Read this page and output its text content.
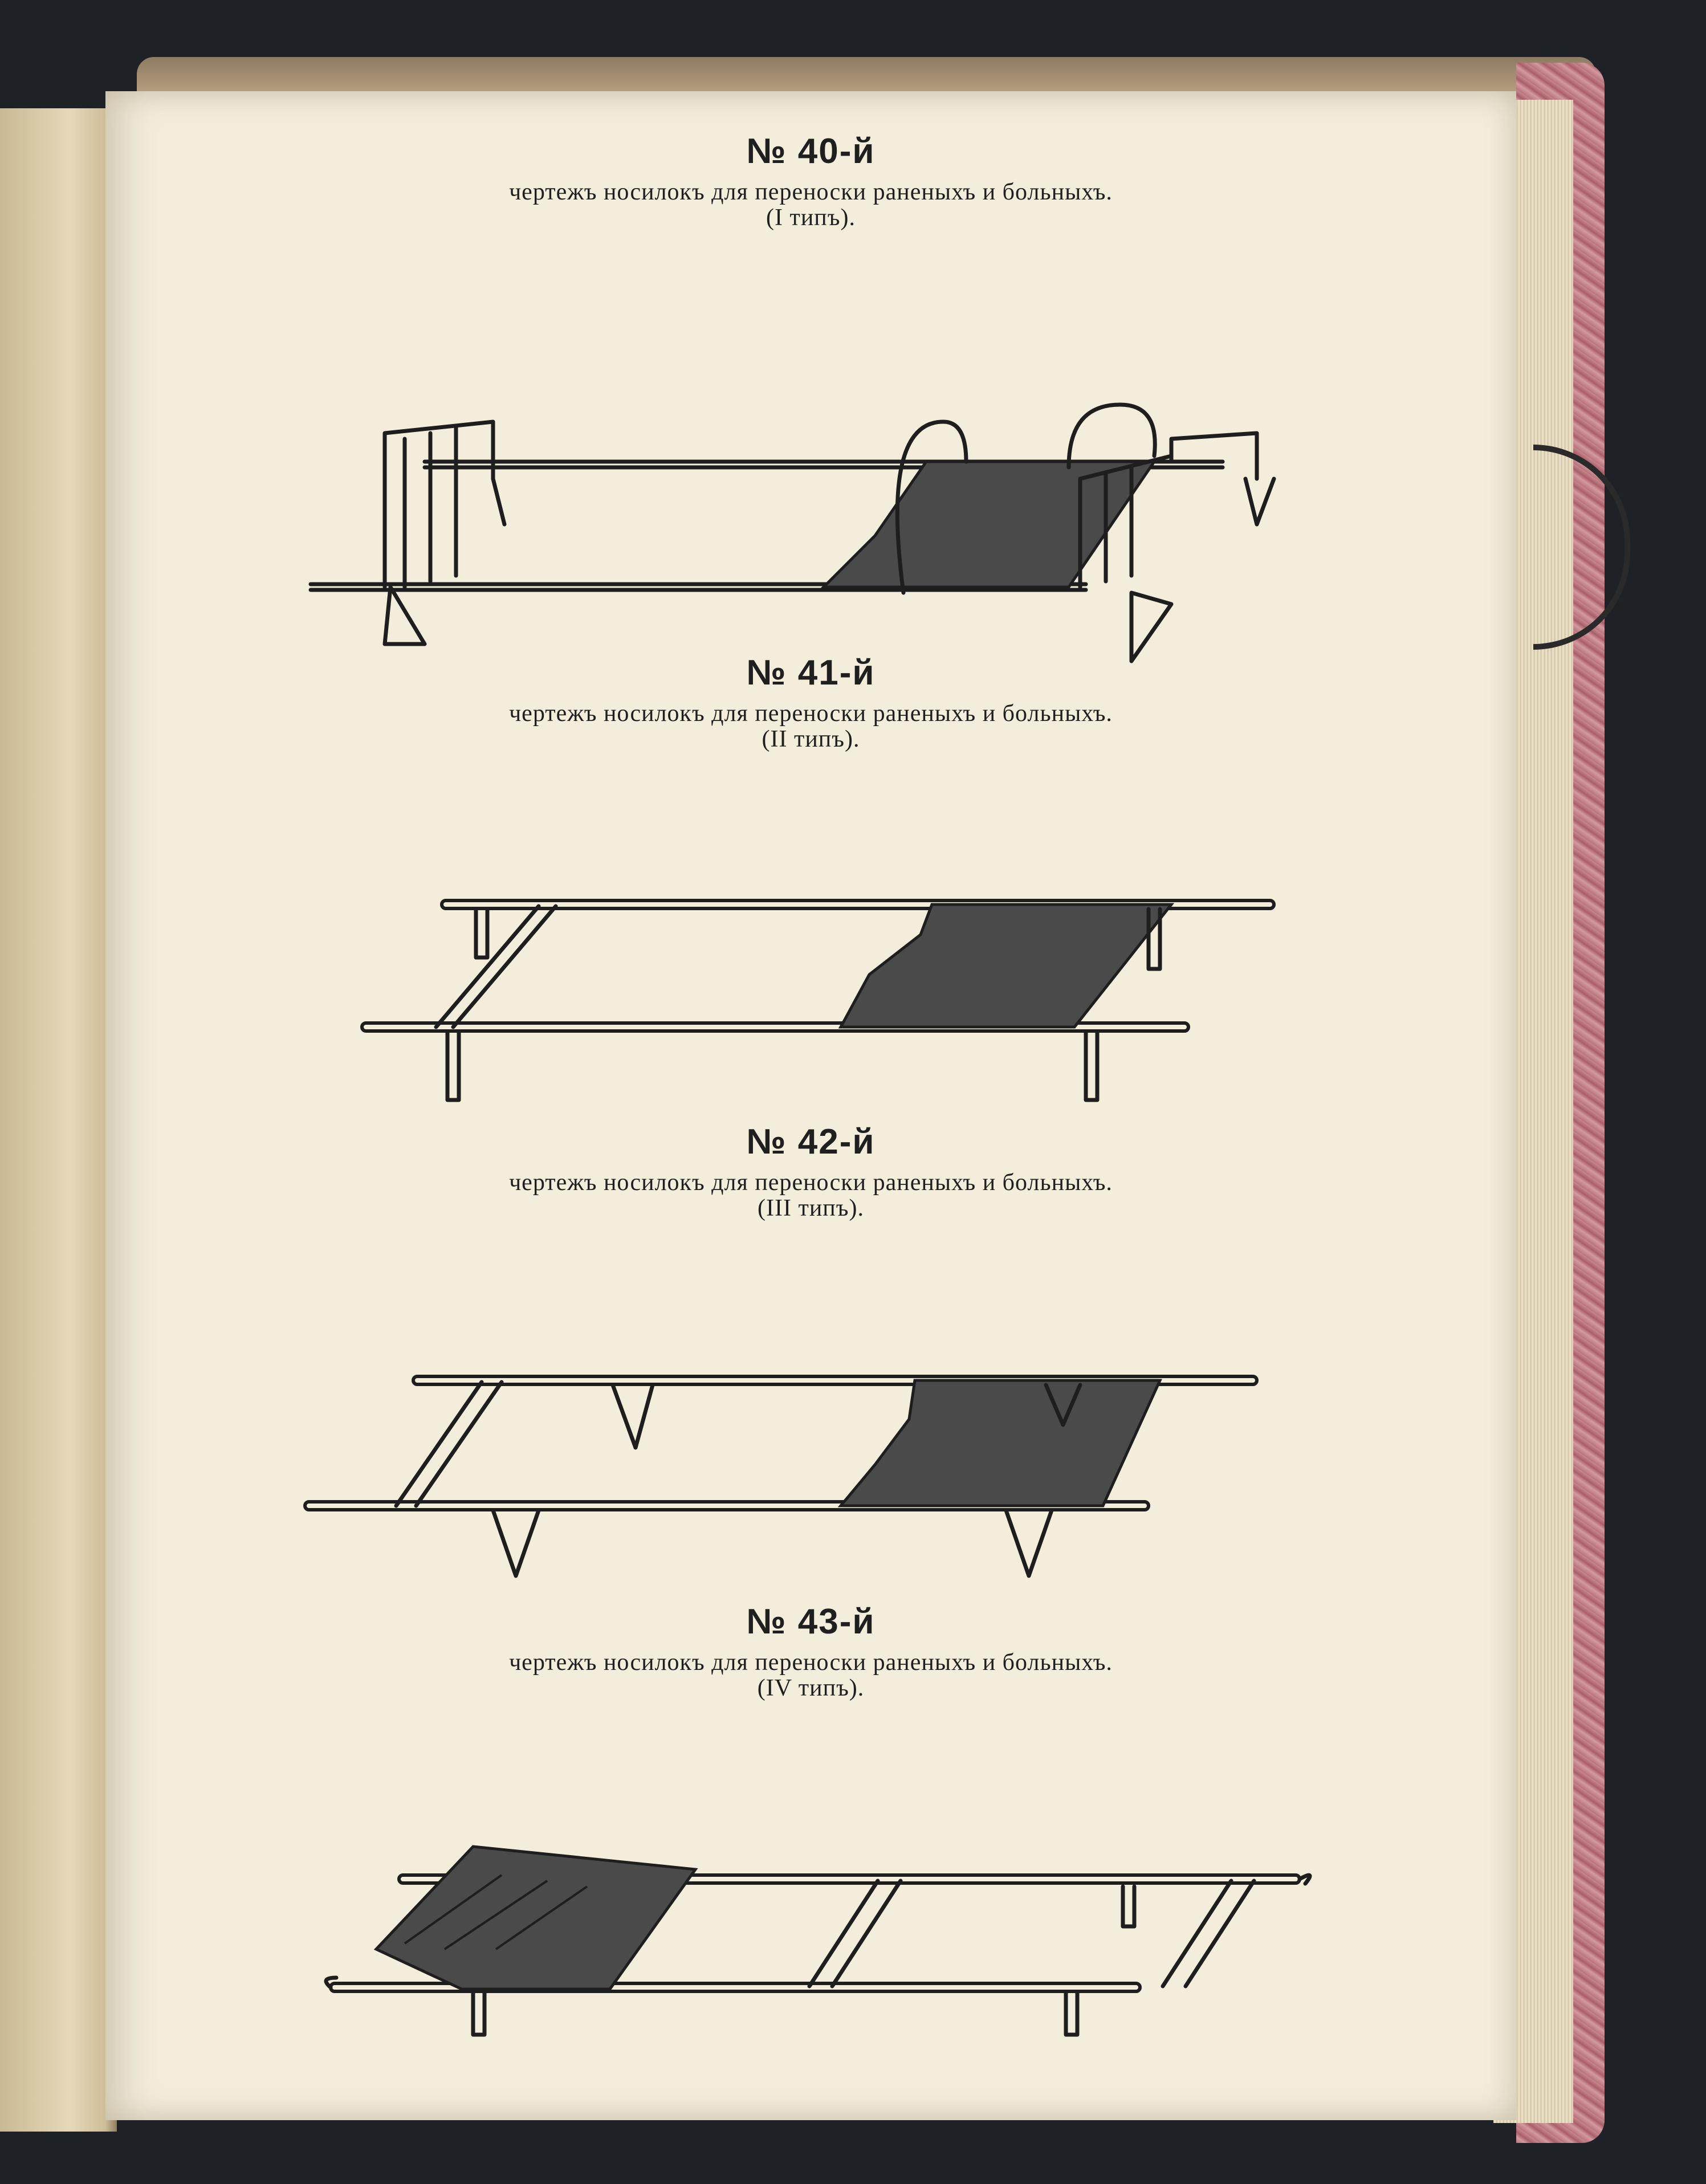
№ 40-й
чертежъ носилокъ для переноски раненыхъ и больныхъ.
(I типъ).
№ 41-й
чертежъ носилокъ для переноски раненыхъ и больныхъ.
(II типъ).
№ 42-й
чертежъ носилокъ для переноски раненыхъ и больныхъ.
(III типъ).
№ 43-й
чертежъ носилокъ для переноски раненыхъ и больныхъ.
(IV типъ).
